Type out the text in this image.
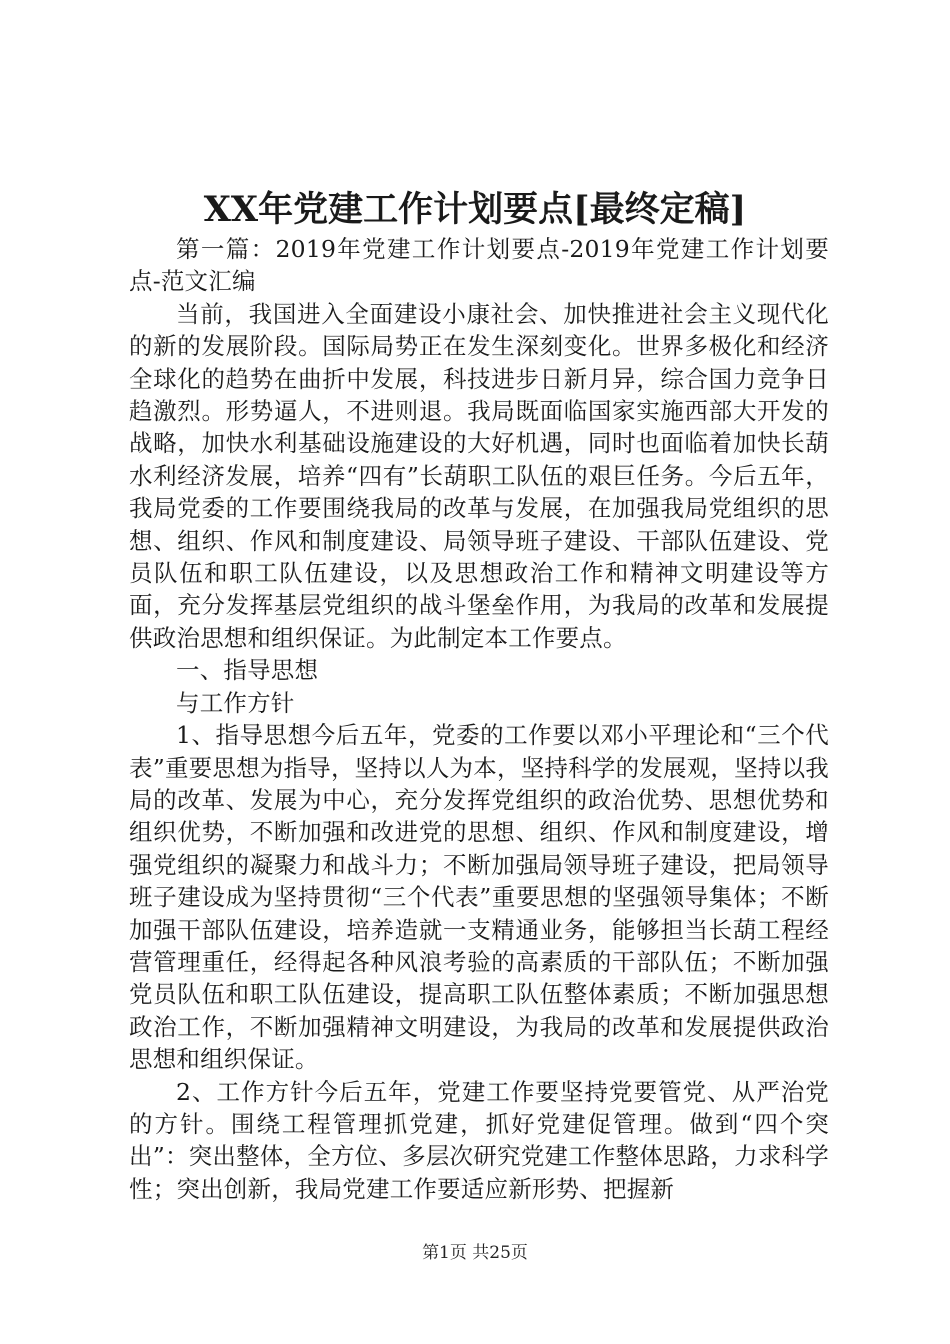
XX年党建工作计划要点[最终定稿]

第一篇：2019年党建工作计划要点-2019年党建工作计划要点-范文汇编

当前，我国进入全面建设小康社会、加快推进社会主义现代化的新的发展阶段。国际局势正在发生深刻变化。世界多极化和经济全球化的趋势在曲折中发展，科技进步日新月异，综合国力竞争日趋激烈。形势逼人，不进则退。我局既面临国家实施西部大开发的战略，加快水利基础设施建设的大好机遇，同时也面临着加快长葫水利经济发展，培养“四有”长葫职工队伍的艰巨任务。今后五年，我局党委的工作要围绕我局的改革与发展，在加强我局党组织的思想、组织、作风和制度建设、局领导班子建设、干部队伍建设、党员队伍和职工队伍建设，以及思想政治工作和精神文明建设等方面，充分发挥基层党组织的战斗堡垒作用，为我局的改革和发展提供政治思想和组织保证。为此制定本工作要点。

一、指导思想

与工作方针

1、指导思想今后五年，党委的工作要以邓小平理论和“三个代表”重要思想为指导，坚持以人为本，坚持科学的发展观，坚持以我局的改革、发展为中心，充分发挥党组织的政治优势、思想优势和组织优势，不断加强和改进党的思想、组织、作风和制度建设，增强党组织的凝聚力和战斗力；不断加强局领导班子建设，把局领导班子建设成为坚持贯彻“三个代表”重要思想的坚强领导集体；不断加强干部队伍建设，培养造就一支精通业务，能够担当长葫工程经营管理重任，经得起各种风浪考验的高素质的干部队伍；不断加强党员队伍和职工队伍建设，提高职工队伍整体素质；不断加强思想政治工作，不断加强精神文明建设，为我局的改革和发展提供政治思想和组织保证。

2、工作方针今后五年，党建工作要坚持党要管党、从严治党的方针。围绕工程管理抓党建，抓好党建促管理。做到“四个突出”：突出整体，全方位、多层次研究党建工作整体思路，力求科学性；突出创新，我局党建工作要适应新形势、把握新

第1页 共25页
